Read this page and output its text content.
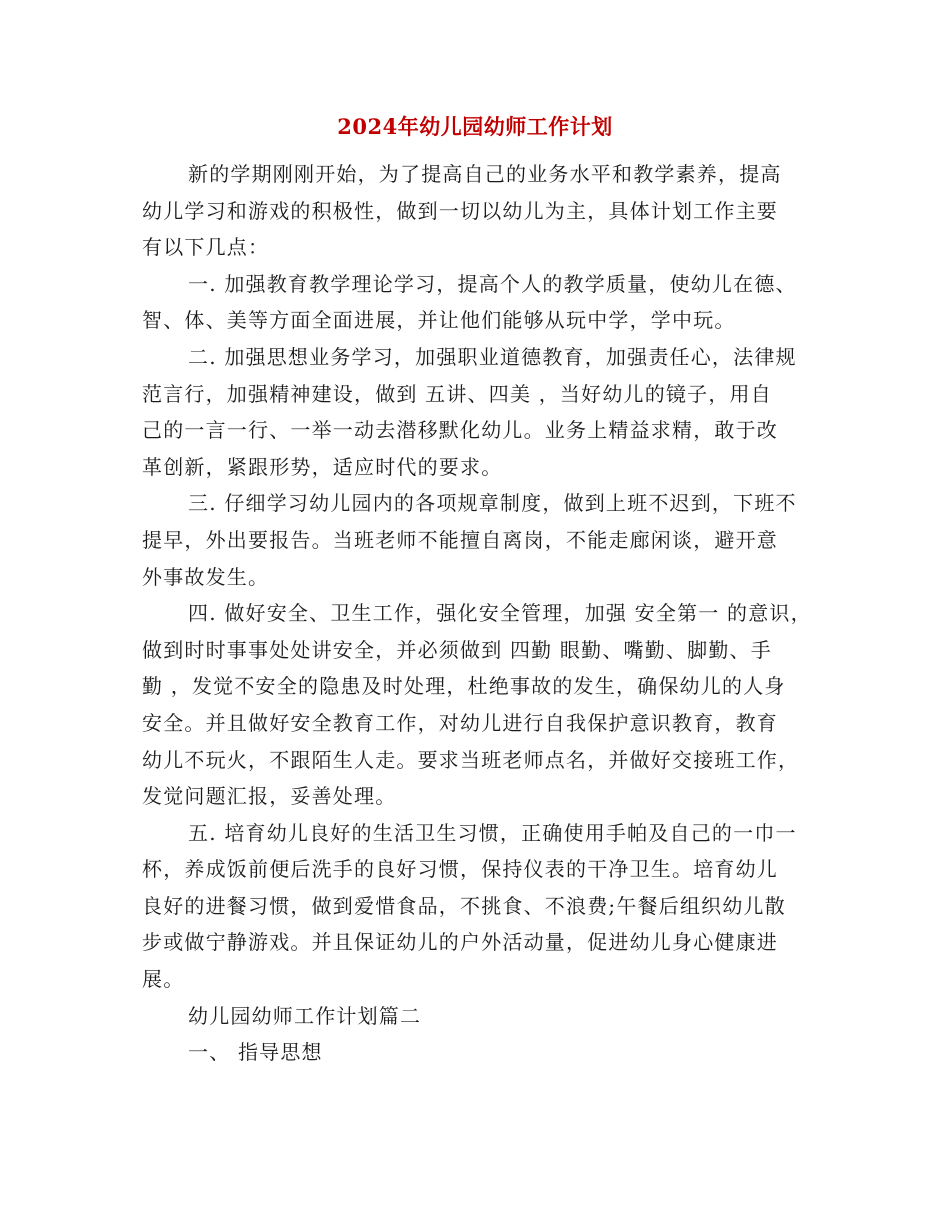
2024年幼儿园幼师工作计划
新的学期刚刚开始，为了提高自己的业务水平和教学素养，提高
幼儿学习和游戏的积极性，做到一切以幼儿为主，具体计划工作主要
有以下几点：
一. 加强教育教学理论学习，提高个人的教学质量，使幼儿在德、
智、体、美等方面全面进展，并让他们能够从玩中学，学中玩。
二. 加强思想业务学习，加强职业道德教育，加强责任心，法律规
范言行，加强精神建设，做到 五讲、四美 ，当好幼儿的镜子，用自
己的一言一行、一举一动去潜移默化幼儿。业务上精益求精，敢于改
革创新，紧跟形势，适应时代的要求。
三. 仔细学习幼儿园内的各项规章制度，做到上班不迟到，下班不
提早，外出要报告。当班老师不能擅自离岗，不能走廊闲谈，避开意
外事故发生。
四. 做好安全、卫生工作，强化安全管理，加强 安全第一 的意识，
做到时时事事处处讲安全，并必须做到 四勤 眼勤、嘴勤、脚勤、手
勤 ，发觉不安全的隐患及时处理，杜绝事故的发生，确保幼儿的人身
安全。并且做好安全教育工作，对幼儿进行自我保护意识教育，教育
幼儿不玩火，不跟陌生人走。要求当班老师点名，并做好交接班工作，
发觉问题汇报，妥善处理。
五. 培育幼儿良好的生活卫生习惯，正确使用手帕及自己的一巾一
杯，养成饭前便后洗手的良好习惯，保持仪表的干净卫生。培育幼儿
良好的进餐习惯，做到爱惜食品，不挑食、不浪费;午餐后组织幼儿散
步或做宁静游戏。并且保证幼儿的户外活动量，促进幼儿身心健康进
展。
幼儿园幼师工作计划篇二
一、 指导思想
